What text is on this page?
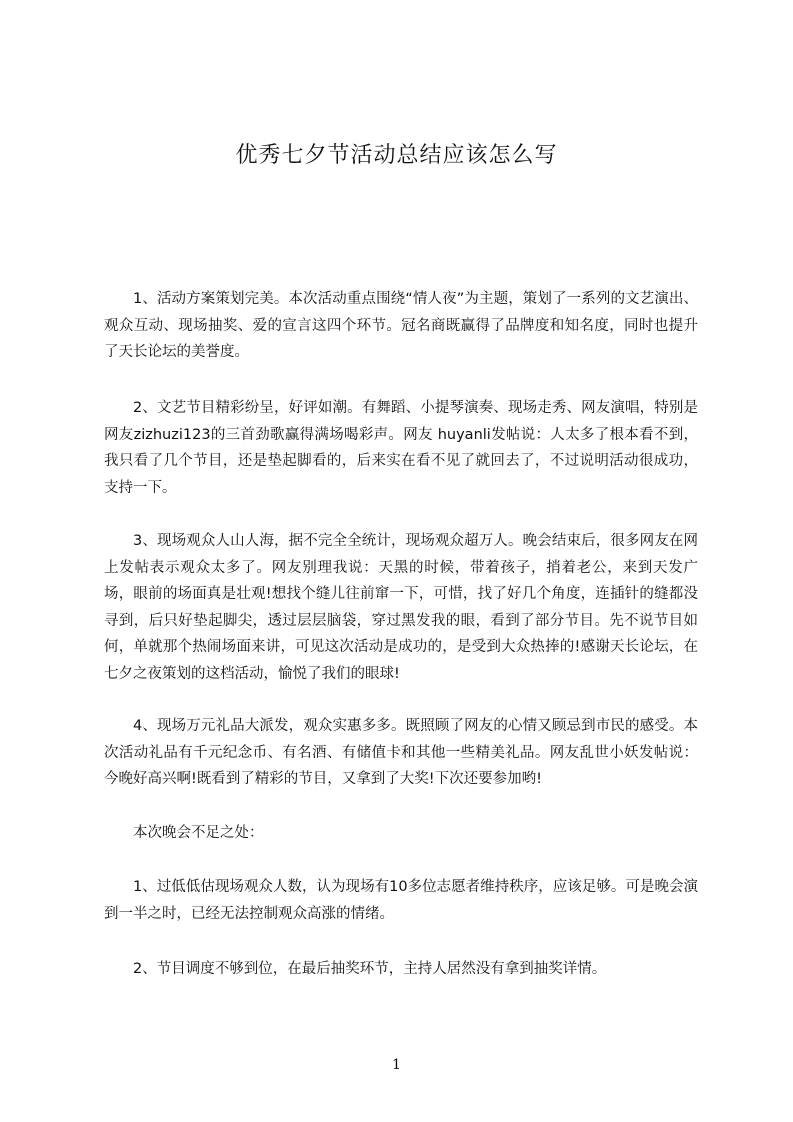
优秀七夕节活动总结应该怎么写

1、活动方案策划完美。本次活动重点围绕“情人夜”为主题，策划了一系列的文艺演出、观众互动、现场抽奖、爱的宣言这四个环节。冠名商既赢得了品牌度和知名度，同时也提升了天长论坛的美誉度。

2、文艺节目精彩纷呈，好评如潮。有舞蹈、小提琴演奏、现场走秀、网友演唱，特别是网友zizhuzi123的三首劲歌赢得满场喝彩声。网友 huyanli发帖说：人太多了根本看不到，我只看了几个节目，还是垫起脚看的，后来实在看不见了就回去了，不过说明活动很成功，支持一下。

3、现场观众人山人海，据不完全全统计，现场观众超万人。晚会结束后，很多网友在网上发帖表示观众太多了。网友别理我说：天黑的时候，带着孩子，捎着老公，来到天发广场，眼前的场面真是壮观!想找个缝儿往前窜一下，可惜，找了好几个角度，连插针的缝都没寻到，后只好垫起脚尖，透过层层脑袋，穿过黑发我的眼，看到了部分节目。先不说节目如何，单就那个热闹场面来讲，可见这次活动是成功的，是受到大众热捧的!感谢天长论坛，在七夕之夜策划的这档活动，愉悦了我们的眼球!

4、现场万元礼品大派发，观众实惠多多。既照顾了网友的心情又顾忌到市民的感受。本次活动礼品有千元纪念币、有名酒、有储值卡和其他一些精美礼品。网友乱世小妖发帖说：今晚好高兴啊!既看到了精彩的节目，又拿到了大奖!下次还要参加哟!

本次晚会不足之处：

1、过低低估现场观众人数，认为现场有10多位志愿者维持秩序，应该足够。可是晚会演到一半之时，已经无法控制观众高涨的情绪。

2、节目调度不够到位，在最后抽奖环节，主持人居然没有拿到抽奖详情。

1
